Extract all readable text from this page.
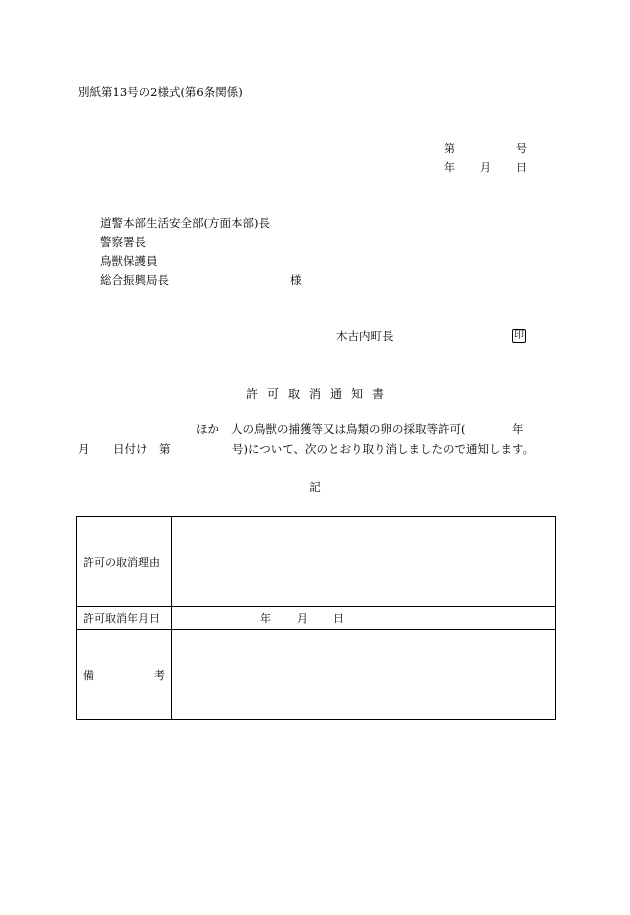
別紙第13号の2様式(第6条関係)
第	号
年 月 日
道警本部生活安全部(方面本部)長
警察署長
鳥獣保護員
総合振興局長	様
木古内町長	印
許可取消通知書
ほか 人の鳥獣の捕獲等又は鳥類の卵の採取等許可(	年
月 日付け　第	号)について、次のとおり取り消しましたので通知します。
記
許可の取消理由	
許可取消年月日	年 月 日

備 考	
